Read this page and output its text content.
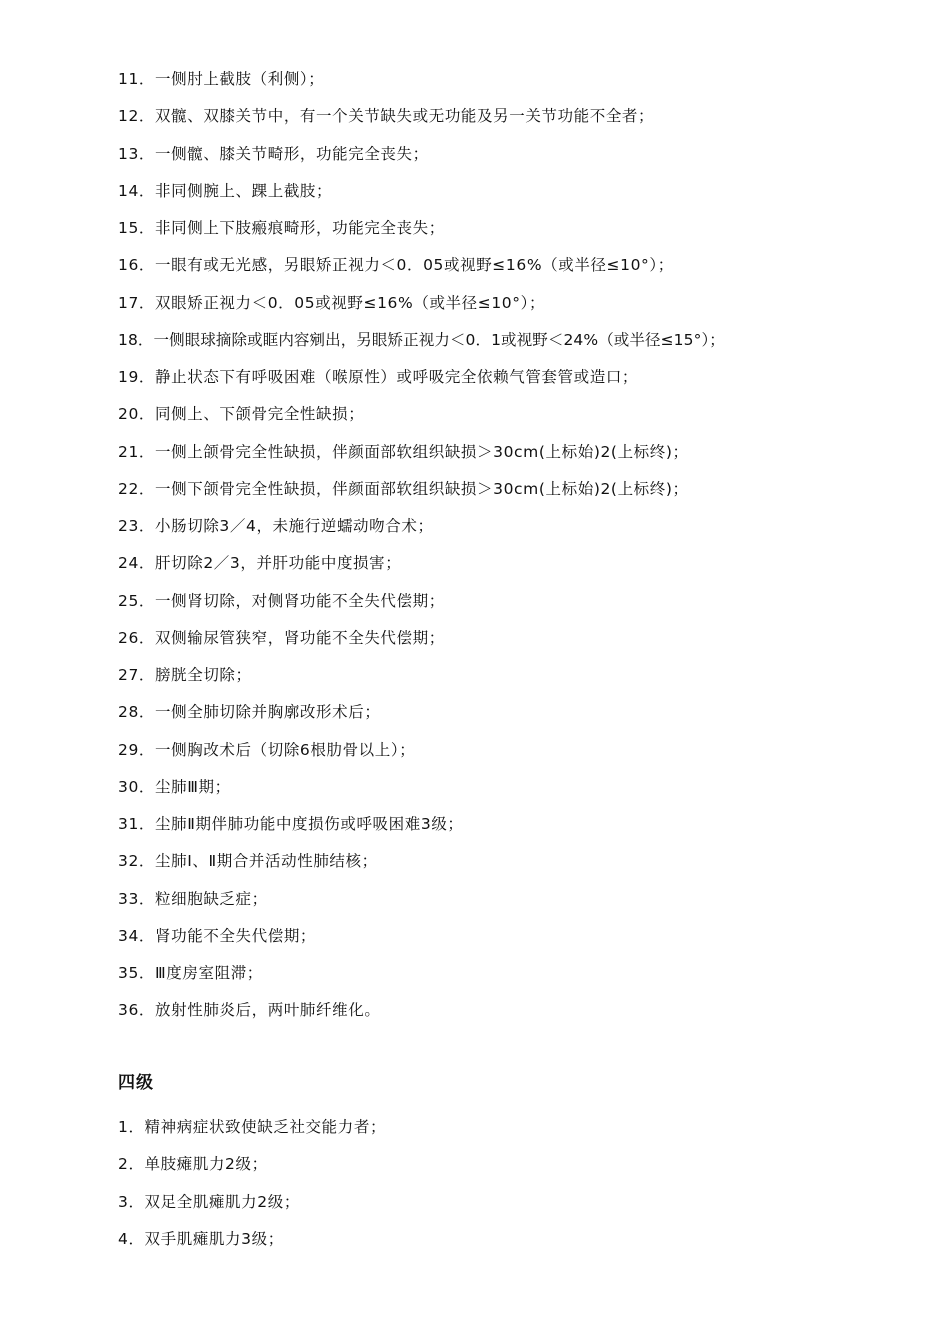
11．一侧肘上截肢（利侧）；
12．双髋、双膝关节中，有一个关节缺失或无功能及另一关节功能不全者；
13．一侧髋、膝关节畸形，功能完全丧失；
14．非同侧腕上、踝上截肢；
15．非同侧上下肢瘢痕畸形，功能完全丧失；
16．一眼有或无光感，另眼矫正视力＜0．05或视野≤16%（或半径≤10°）；
17．双眼矫正视力＜0．05或视野≤16%（或半径≤10°）；
18．一侧眼球摘除或眶内容剜出，另眼矫正视力＜0．1或视野＜24%（或半径≤15°）；
19．静止状态下有呼吸困难（喉原性）或呼吸完全依赖气管套管或造口；
20．同侧上、下颌骨完全性缺损；
21．一侧上颌骨完全性缺损，伴颜面部软组织缺损＞30cm(上标始)2(上标终)；
22．一侧下颌骨完全性缺损，伴颜面部软组织缺损＞30cm(上标始)2(上标终)；
23．小肠切除3／4，未施行逆蠕动吻合术；
24．肝切除2／3，并肝功能中度损害；
25．一侧肾切除，对侧肾功能不全失代偿期；
26．双侧输尿管狭窄，肾功能不全失代偿期；
27．膀胱全切除；
28．一侧全肺切除并胸廓改形术后；
29．一侧胸改术后（切除6根肋骨以上）；
30．尘肺Ⅲ期；
31．尘肺Ⅱ期伴肺功能中度损伤或呼吸困难3级；
32．尘肺Ⅰ、Ⅱ期合并活动性肺结核；
33．粒细胞缺乏症；
34．肾功能不全失代偿期；
35．Ⅲ度房室阻滞；
36．放射性肺炎后，两叶肺纤维化。
四级
1．精神病症状致使缺乏社交能力者；
2．单肢瘫肌力2级；
3．双足全肌瘫肌力2级；
4．双手肌瘫肌力3级；
